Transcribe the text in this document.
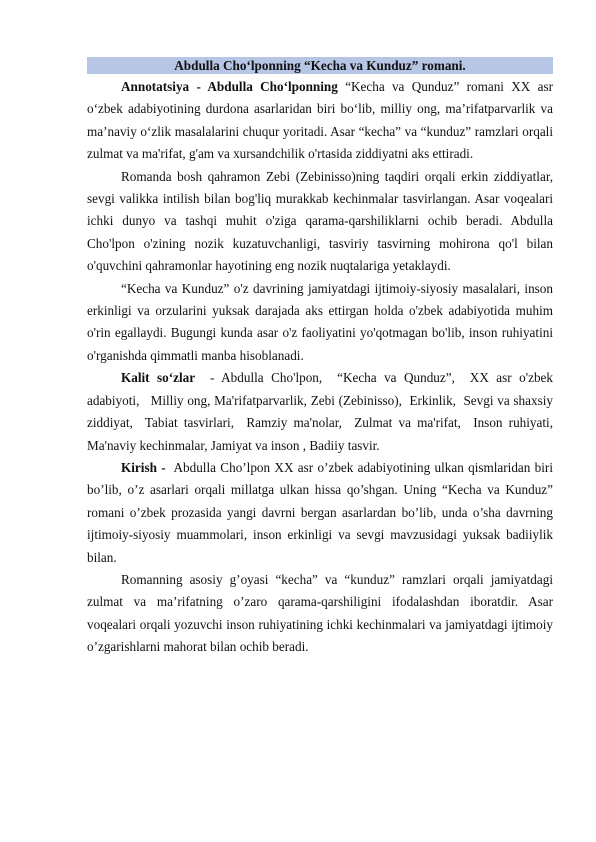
Abdulla Cho‘lponning “Kecha va Kunduz” romani.

Annotatsiya - Abdulla Cho‘lponning “Kecha va Qunduz” romani XX asr o‘zbek adabiyotining durdona asarlaridan biri bo‘lib, milliy ong, ma’rifatparvarlik va ma’naviy o‘zlik masalalarini chuqur yoritadi. Asar “kecha” va “kunduz” ramzlari orqali zulmat va ma'rifat, g'am va xursandchilik o'rtasida ziddiyatni aks ettiradi.

Romanda bosh qahramon Zebi (Zebinisso)ning taqdiri orqali erkin ziddiyatlar, sevgi valikka intilish bilan bog'liq murakkab kechinmalar tasvirlangan. Asar voqealari ichki dunyo va tashqi muhit o'ziga qarama-qarshiliklarni ochib beradi. Abdulla Cho'lpon o'zining nozik kuzatuvchanligi, tasviriy tasvirning mohirona qo'l bilan o'quvchini qahramonlar hayotining eng nozik nuqtalariga yetaklaydi.

“Kecha va Kunduz” o'z davrining jamiyatdagi ijtimoiy-siyosiy masalalari, inson erkinligi va orzularini yuksak darajada aks ettirgan holda o'zbek adabiyotida muhim o'rin egallaydi. Bugungi kunda asar o'z faoliyatini yo'qotmagan bo'lib, inson ruhiyatini o'rganishda qimmatli manba hisoblanadi.

Kalit so‘zlar  - Abdulla Cho'lpon,  “Kecha va Qunduz”,  XX asr o'zbek adabiyoti,   Milliy ong, Ma'rifatparvarlik, Zebi (Zebinisso),  Erkinlik,  Sevgi va shaxsiy ziddiyat,  Tabiat tasvirlari,  Ramziy ma'nolar,  Zulmat va ma'rifat,  Inson ruhiyati,  Ma'naviy kechinmalar, Jamiyat va inson , Badiiy tasvir.

Kirish -  Abdulla Cho’lpon XX asr o’zbek adabiyotining ulkan qismlaridan biri bo’lib, o’z asarlari orqali millatga ulkan hissa qo’shgan. Uning “Kecha va Kunduz” romani o’zbek prozasida yangi davrni bergan asarlardan bo’lib, unda o’sha davrning ijtimoiy-siyosiy muammolari, inson erkinligi va sevgi mavzusidagi yuksak badiiylik bilan.

Romanning asosiy g’oyasi “kecha” va “kunduz” ramzlari orqali jamiyatdagi zulmat va ma’rifatning o’zaro qarama-qarshiligini ifodalashdan iboratdir. Asar voqealari orqali yozuvchi inson ruhiyatining ichki kechinmalari va jamiyatdagi ijtimoiy o’zgarishlarni mahorat bilan ochib beradi.
